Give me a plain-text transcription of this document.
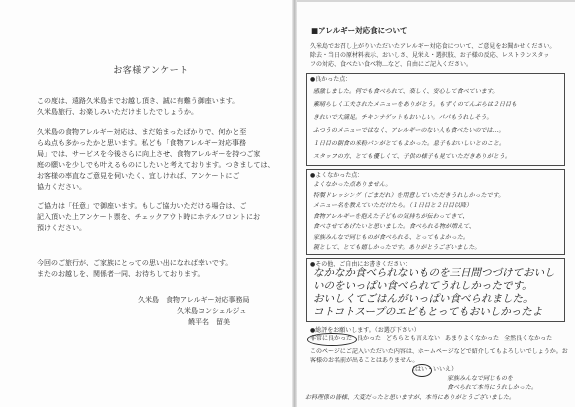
お客様アンケート
この度は、遠路久米島までお越し頂き、誠に有難う御座います。
久米島旅行、お楽しみいただけましたでしょうか。
久米島の食物アレルギー対応は、まだ始まったばかりで、何かと至
らぬ点も多かったかと思います。私ども「食物アレルギー対応事務
局」では、サービスを今後さらに向上させ、食物アレルギーを持つご家
庭の願いを少しでも叶えるものにしたいと考えております。つきましては、
お客様の率直なご意見を伺いたく、宜しければ、アンケートにご
協力ください。
ご協力は「任意」で御座います。もしご協力いただける場合は、ご
記入頂いた上アンケート票を、チェックアウト時にホテルフロントにお
預けください。
今回のご旅行が、ご家族にとっての思い出になれば幸いです。
またのお越しを、関係者一同、お待ちしております。
久米島　食物アレルギー対応事務局
久米島コンシェルジュ
饒平名　留美
■アレルギー対応食について
久米島でお召し上がりいただいたアレルギー対応食について、ご意見をお聞かせください。
除去・当日の原材料表示、おいしさ、見栄え・選択肢、お子様の反応、レストランスタッ
フの対応、食べたい食べ物…など、自由にご記入ください。
●良かった点：
感激しました。何でも食べられて、楽しく、安心して食べています。
素晴らしく工夫されたメニューをありがとう。もずくのてんぷらは２日目も
きれいで大満足。チキンナゲットもおいしい。パパもうれしそう。
ふつうのメニューではなく、アレルギーのない人も食べたいのでは…。
１日目の朝食の米粉パンがとてもよかった。息子もおいしいとのこと。
スタッフの方、とても優しくて、子供の様子も見ていただきありがとう。
●よくなかった点：
よくなかった点ありません。
特製ドレッシング（ごまだれ）を用意していただきうれしかったです。
メニュー名を教えていただけたら。（１日目と２日目以降）
食物アレルギーを抱えた子どもの気持ちが伝わってきて、
食べさせてあげたいと思いました。食べられる物が増えて、
家族みんなで同じものが食べられる、とってもよかった。
親として、とても嬉しかったです。ありがとうございました。
●その他、ご自由にお書きください：
なかなか食べられないものを三日間つづけておいし
いのをいっぱい食べられてうれしかったです。
おいしくてごはんがいっぱい食べられました。
コトコトスープのエビもとってもおいしかったよ
●総評をお願いします。（お選び下さい）
非常に良かった 良かった どちらとも言えない あまりよくなかった 全然良くなかった
このページにご記入いただいた内容は、ホームページなどで紹介してもよろしいでしょうか。お
客様のお名前が出ることはありません。
（はい・いいえ）
家族みんなで同じものを
食べられて本当にうれしかった。
お料理係の皆様、大変だったと思いますが、本当にありがとうございました。
